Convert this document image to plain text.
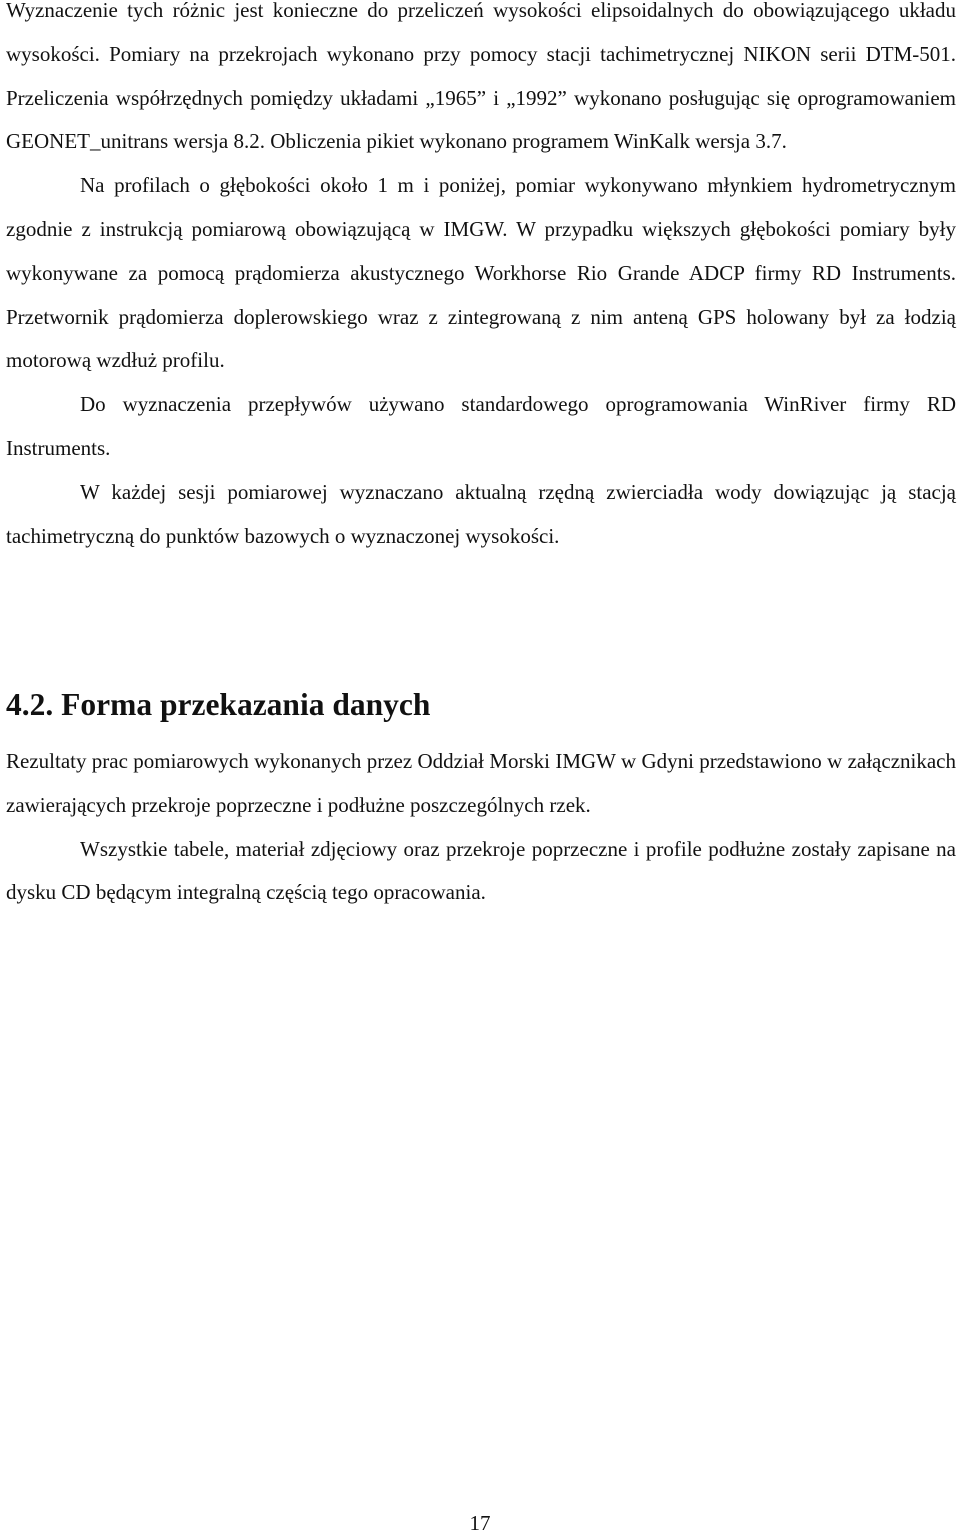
Wyznaczenie tych różnic jest konieczne do przeliczeń wysokości elipsoidalnych do obowiązującego układu wysokości. Pomiary na przekrojach wykonano przy pomocy stacji tachimetrycznej NIKON serii DTM-501. Przeliczenia współrzędnych pomiędzy układami „1965” i „1992” wykonano posługując się oprogramowaniem GEONET_unitrans wersja 8.2. Obliczenia pikiet wykonano programem WinKalk wersja 3.7.

Na profilach o głębokości około 1 m i poniżej, pomiar wykonywano młynkiem hydrometrycznym zgodnie z instrukcją pomiarową obowiązującą w IMGW. W przypadku większych głębokości pomiary były wykonywane za pomocą prądomierza akustycznego Workhorse Rio Grande ADCP firmy RD Instruments. Przetwornik prądomierza doplerowskiego wraz z zintegrowaną z nim anteną GPS holowany był za łodzią motorową wzdłuż profilu.

Do wyznaczenia przepływów używano standardowego oprogramowania WinRiver firmy RD Instruments.

W każdej sesji pomiarowej wyznaczano aktualną rzędną zwierciadła wody dowiązując ją stacją tachimetryczną do punktów bazowych o wyznaczonej wysokości.

4.2. Forma przekazania danych

Rezultaty prac pomiarowych wykonanych przez Oddział Morski IMGW w Gdyni przedstawiono w załącznikach zawierających przekroje poprzeczne i podłużne poszczególnych rzek.

Wszystkie tabele, materiał zdjęciowy oraz przekroje poprzeczne i profile podłużne zostały zapisane na dysku CD będącym integralną częścią tego opracowania.

17
